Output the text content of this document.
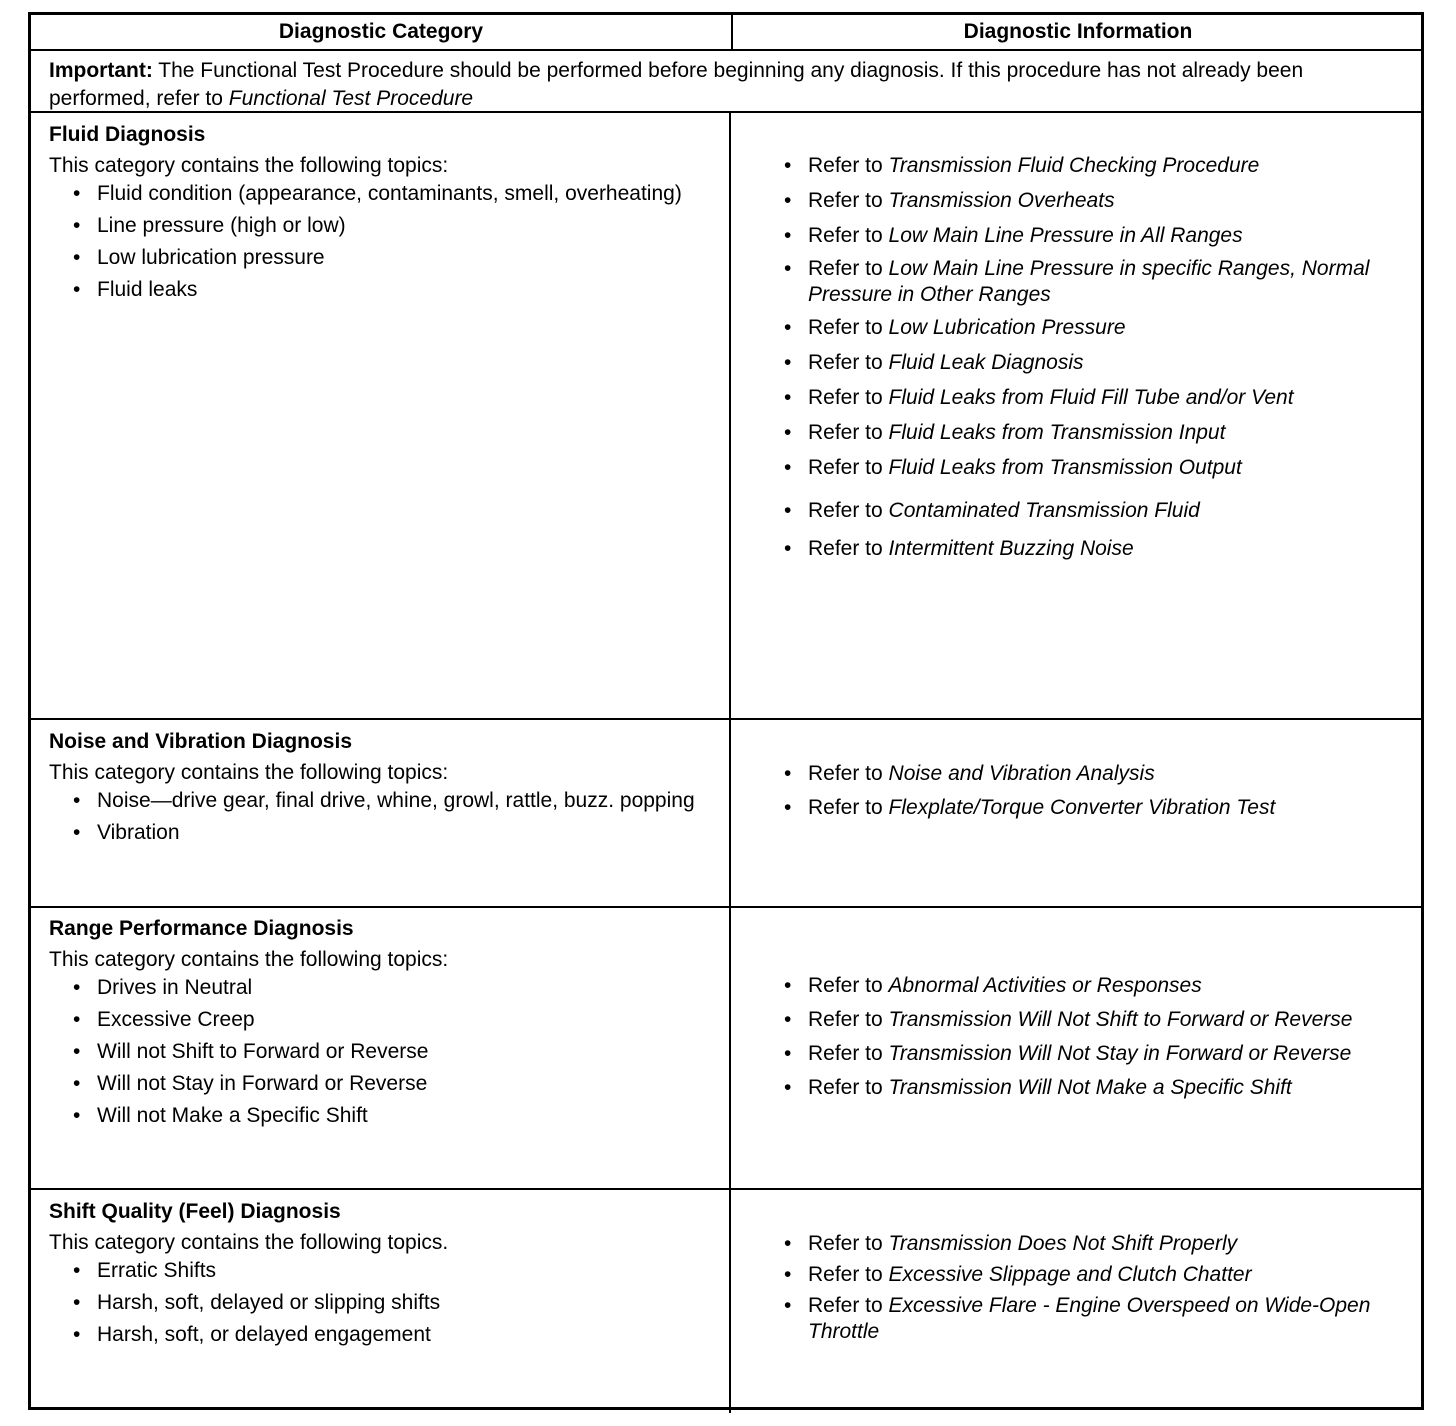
Diagnostic Category	Diagnostic Information
Important: The Functional Test Procedure should be performed before beginning any diagnosis. If this procedure has not already been performed, refer to Functional Test Procedure
Fluid Diagnosis
This category contains the following topics:
• Fluid condition (appearance, contaminants, smell, overheating)
• Line pressure (high or low)
• Low lubrication pressure
• Fluid leaks
• Refer to Transmission Fluid Checking Procedure
• Refer to Transmission Overheats
• Refer to Low Main Line Pressure in All Ranges
• Refer to Low Main Line Pressure in specific Ranges, Normal Pressure in Other Ranges
• Refer to Low Lubrication Pressure
• Refer to Fluid Leak Diagnosis
• Refer to Fluid Leaks from Fluid Fill Tube and/or Vent
• Refer to Fluid Leaks from Transmission Input
• Refer to Fluid Leaks from Transmission Output
• Refer to Contaminated Transmission Fluid
• Refer to Intermittent Buzzing Noise
Noise and Vibration Diagnosis
This category contains the following topics:
• Noise—drive gear, final drive, whine, growl, rattle, buzz. popping
• Vibration
• Refer to Noise and Vibration Analysis
• Refer to Flexplate/Torque Converter Vibration Test
Range Performance Diagnosis
This category contains the following topics:
• Drives in Neutral
• Excessive Creep
• Will not Shift to Forward or Reverse
• Will not Stay in Forward or Reverse
• Will not Make a Specific Shift
• Refer to Abnormal Activities or Responses
• Refer to Transmission Will Not Shift to Forward or Reverse
• Refer to Transmission Will Not Stay in Forward or Reverse
• Refer to Transmission Will Not Make a Specific Shift
Shift Quality (Feel) Diagnosis
This category contains the following topics.
• Erratic Shifts
• Harsh, soft, delayed or slipping shifts
• Harsh, soft, or delayed engagement
• Refer to Transmission Does Not Shift Properly
• Refer to Excessive Slippage and Clutch Chatter
• Refer to Excessive Flare - Engine Overspeed on Wide-Open Throttle
